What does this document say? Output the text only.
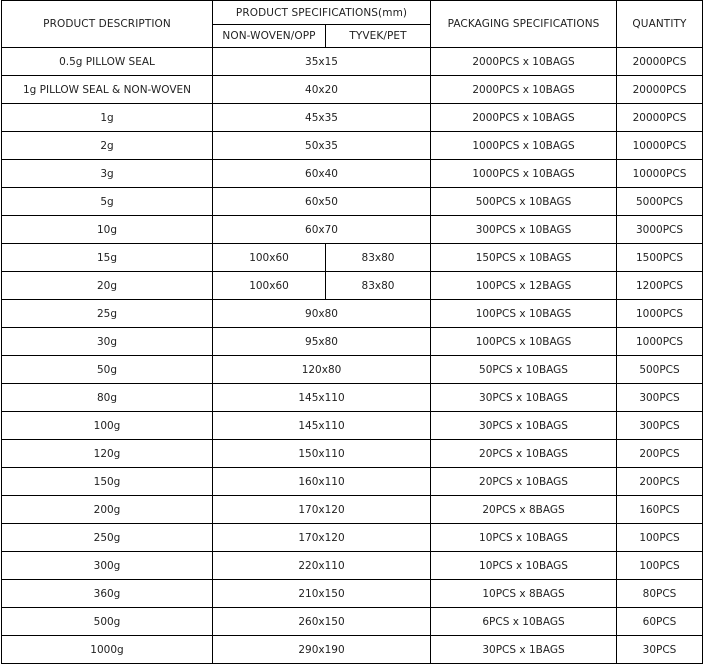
PRODUCT DESCRIPTION	PRODUCT SPECIFICATIONS(mm)		PACKAGING SPECIFICATIONS	QUANTITY
	NON-WOVEN/OPP	TYVEK/PET		
0.5g PILLOW SEAL	35x15		2000PCS x 10BAGS	20000PCS
1g PILLOW SEAL & NON-WOVEN	40x20		2000PCS x 10BAGS	20000PCS
1g	45x35		2000PCS x 10BAGS	20000PCS
2g	50x35		1000PCS x 10BAGS	10000PCS
3g	60x40		1000PCS x 10BAGS	10000PCS
5g	60x50		500PCS x 10BAGS	5000PCS
10g	60x70		300PCS x 10BAGS	3000PCS
15g	100x60	83x80	150PCS x 10BAGS	1500PCS
20g	100x60	83x80	100PCS x 12BAGS	1200PCS
25g	90x80		100PCS x 10BAGS	1000PCS
30g	95x80		100PCS x 10BAGS	1000PCS
50g	120x80		50PCS x 10BAGS	500PCS
80g	145x110		30PCS x 10BAGS	300PCS
100g	145x110		30PCS x 10BAGS	300PCS
120g	150x110		20PCS x 10BAGS	200PCS
150g	160x110		20PCS x 10BAGS	200PCS
200g	170x120		20PCS x 8BAGS	160PCS
250g	170x120		10PCS x 10BAGS	100PCS
300g	220x110		10PCS x 10BAGS	100PCS
360g	210x150		10PCS x 8BAGS	80PCS
500g	260x150		6PCS x 10BAGS	60PCS
1000g	290x190		30PCS x 1BAGS	30PCS
